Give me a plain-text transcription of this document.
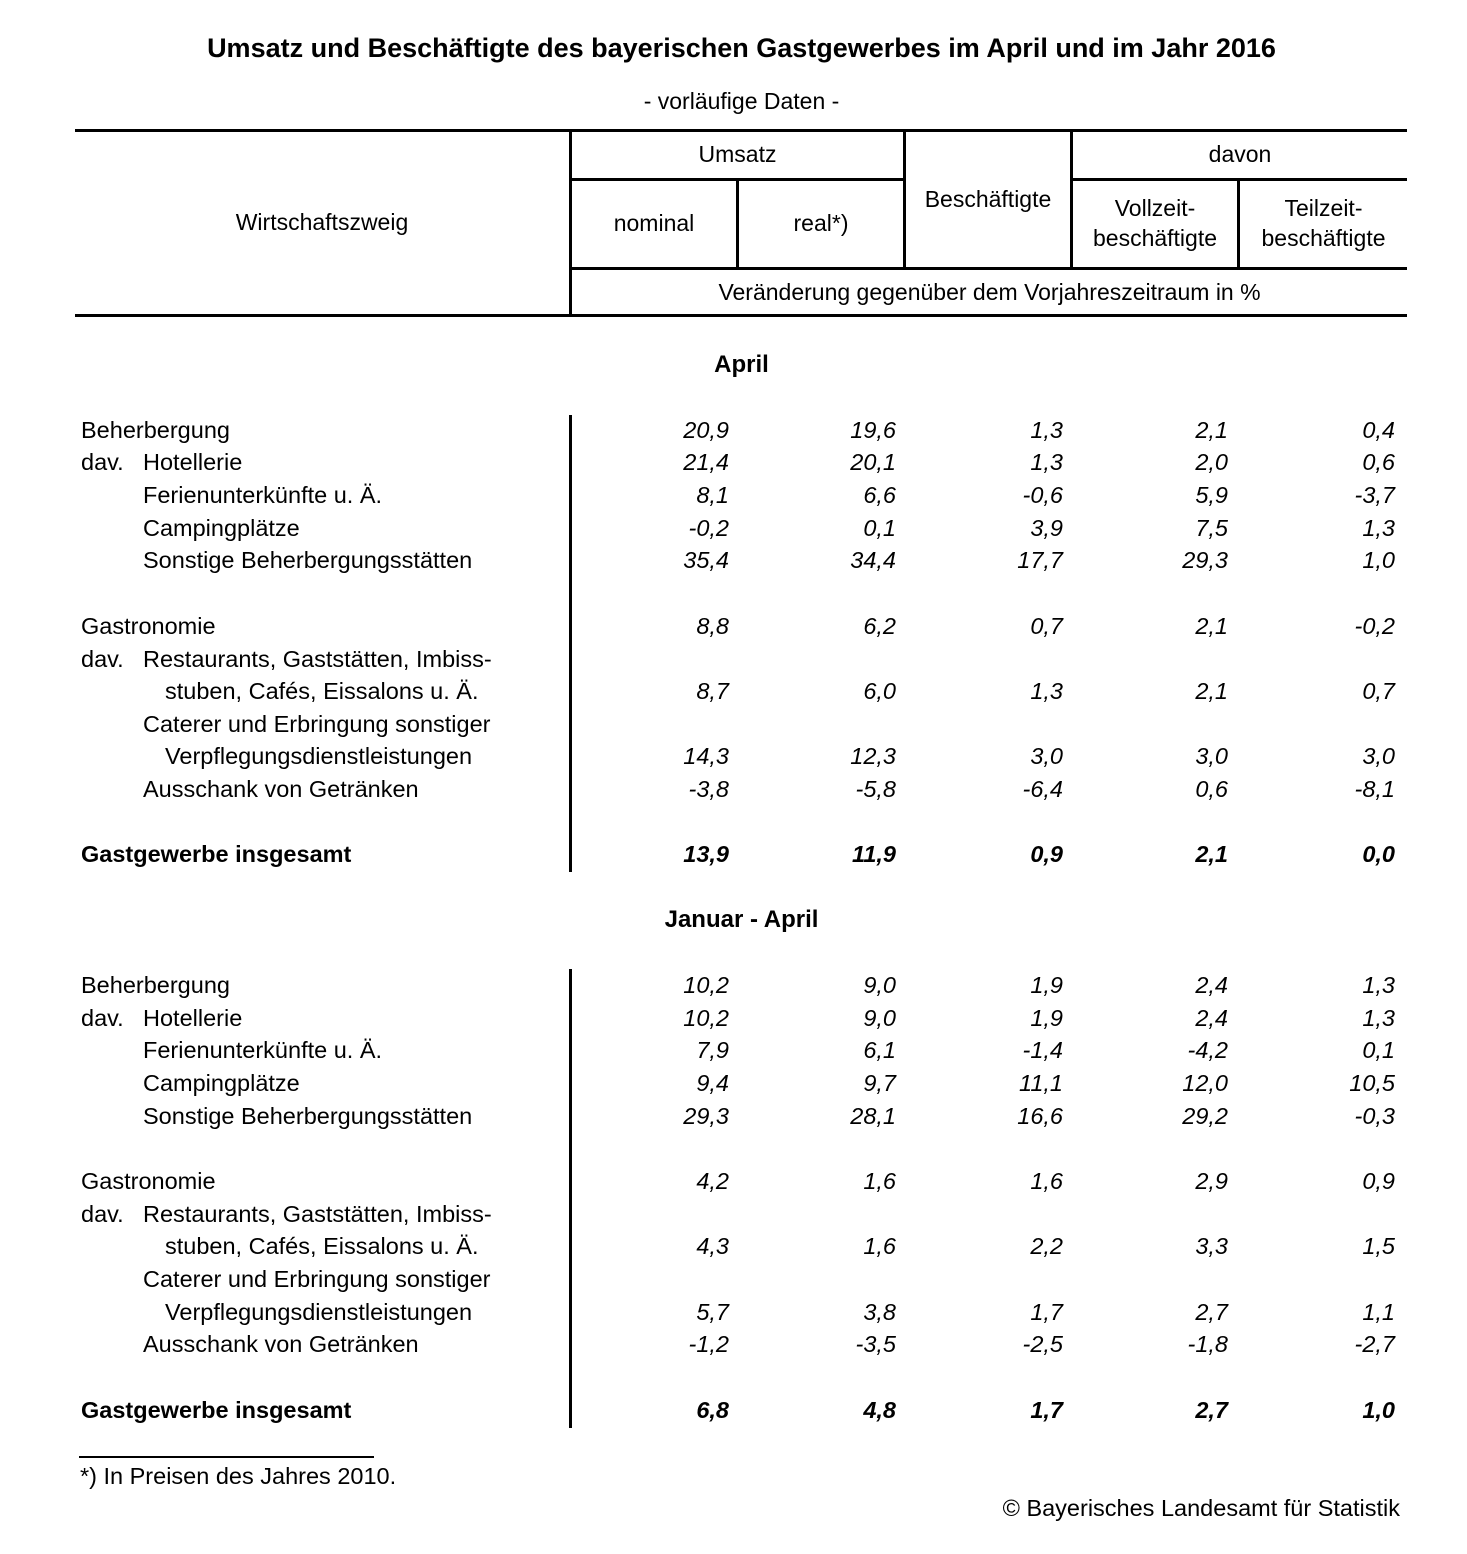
Umsatz und Beschäftigte des bayerischen Gastgewerbes im April und im Jahr 2016
- vorläufige Daten -
Wirtschaftszweig
Umsatz
nominal	real*)
Beschäftigte
davon
Vollzeit-
beschäftigte
Teilzeit-
beschäftigte
Veränderung gegenüber dem Vorjahreszeitraum in %
April
Beherbergung	20,9	19,6	1,3	2,1	0,4
dav. Hotellerie	21,4	20,1	1,3	2,0	0,6
Ferienunterkünfte u. Ä.	8,1	6,6	-0,6	5,9	-3,7
Campingplätze	-0,2	0,1	3,9	7,5	1,3
Sonstige Beherbergungsstätten	35,4	34,4	17,7	29,3	1,0
Gastronomie	8,8	6,2	0,7	2,1	-0,2
dav. Restaurants, Gaststätten, Imbiss-
stuben, Cafés, Eissalons u. Ä.	8,7	6,0	1,3	2,1	0,7
Caterer und Erbringung sonstiger
Verpflegungsdienstleistungen	14,3	12,3	3,0	3,0	3,0
Ausschank von Getränken	-3,8	-5,8	-6,4	0,6	-8,1
Gastgewerbe insgesamt	13,9	11,9	0,9	2,1	0,0
Januar - April
Beherbergung	10,2	9,0	1,9	2,4	1,3
dav. Hotellerie	10,2	9,0	1,9	2,4	1,3
Ferienunterkünfte u. Ä.	7,9	6,1	-1,4	-4,2	0,1
Campingplätze	9,4	9,7	11,1	12,0	10,5
Sonstige Beherbergungsstätten	29,3	28,1	16,6	29,2	-0,3
Gastronomie	4,2	1,6	1,6	2,9	0,9
dav. Restaurants, Gaststätten, Imbiss-
stuben, Cafés, Eissalons u. Ä.	4,3	1,6	2,2	3,3	1,5
Caterer und Erbringung sonstiger
Verpflegungsdienstleistungen	5,7	3,8	1,7	2,7	1,1
Ausschank von Getränken	-1,2	-3,5	-2,5	-1,8	-2,7
Gastgewerbe insgesamt	6,8	4,8	1,7	2,7	1,0
*) In Preisen des Jahres 2010.
© Bayerisches Landesamt für Statistik
